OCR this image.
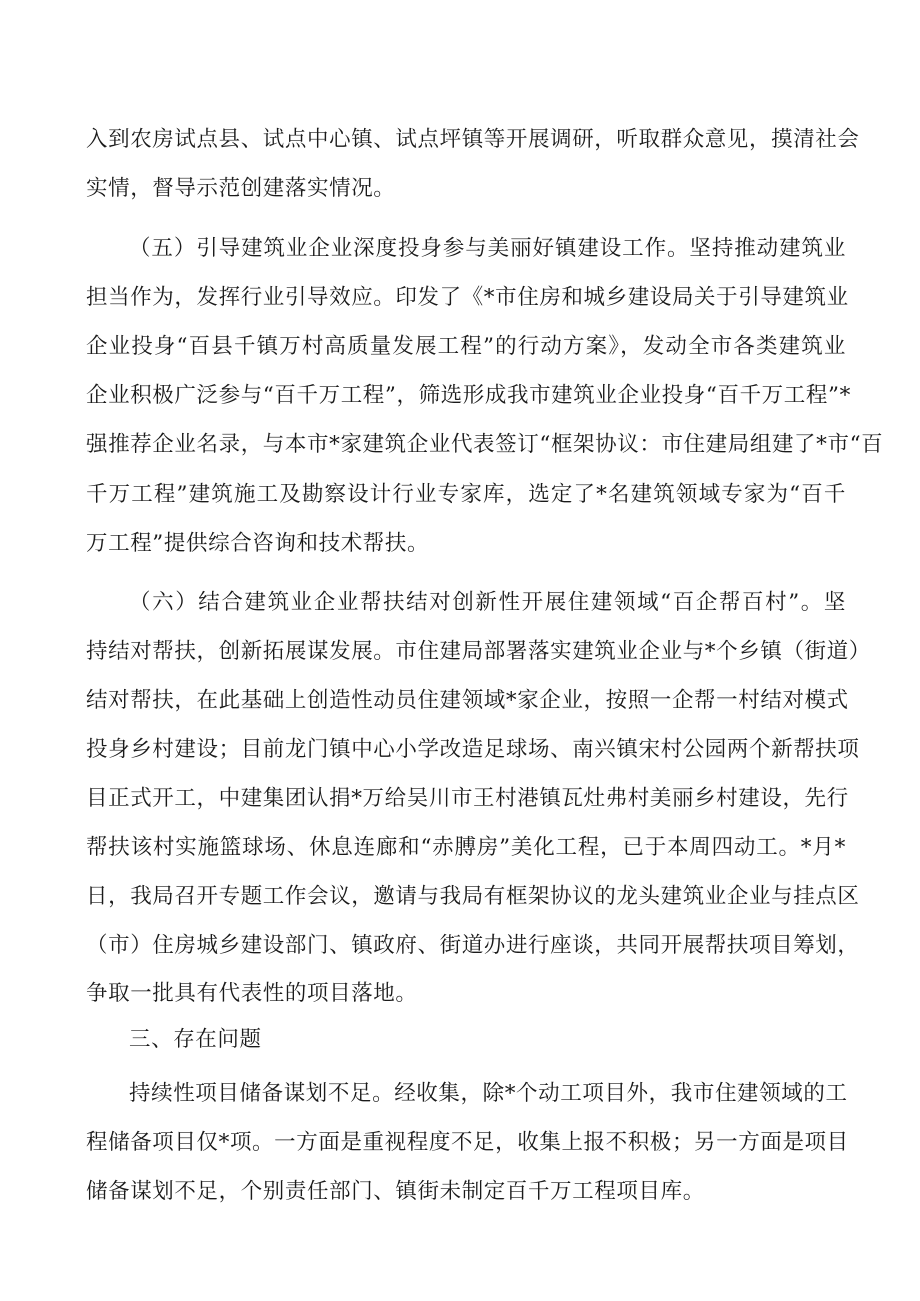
入到农房试点县、试点中心镇、试点坪镇等开展调研，听取群众意见，摸清社会
实情，督导示范创建落实情况。
（五）引导建筑业企业深度投身参与美丽好镇建设工作。坚持推动建筑业
担当作为，发挥行业引导效应。印发了《*市住房和城乡建设局关于引导建筑业
企业投身“百县千镇万村高质量发展工程”的行动方案》，发动全市各类建筑业
企业积极广泛参与“百千万工程”，筛选形成我市建筑业企业投身“百千万工程”*
强推荐企业名录，与本市*家建筑企业代表签订“框架协议：市住建局组建了*市“百
千万工程”建筑施工及勘察设计行业专家库，选定了*名建筑领域专家为“百千
万工程”提供综合咨询和技术帮扶。
（六）结合建筑业企业帮扶结对创新性开展住建领域“百企帮百村”。坚
持结对帮扶，创新拓展谋发展。市住建局部署落实建筑业企业与*个乡镇（街道）
结对帮扶，在此基础上创造性动员住建领域*家企业，按照一企帮一村结对模式
投身乡村建设；目前龙门镇中心小学改造足球场、南兴镇宋村公园两个新帮扶项
目正式开工，中建集团认捐*万给吴川市王村港镇瓦灶弗村美丽乡村建设，先行
帮扶该村实施篮球场、休息连廊和“赤膊房”美化工程，已于本周四动工。*月*
日，我局召开专题工作会议，邀请与我局有框架协议的龙头建筑业企业与挂点区
（市）住房城乡建设部门、镇政府、街道办进行座谈，共同开展帮扶项目筹划，
争取一批具有代表性的项目落地。
三、存在问题
持续性项目储备谋划不足。经收集，除*个动工项目外，我市住建领域的工
程储备项目仅*项。一方面是重视程度不足，收集上报不积极；另一方面是项目
储备谋划不足，个别责任部门、镇街未制定百千万工程项目库。
